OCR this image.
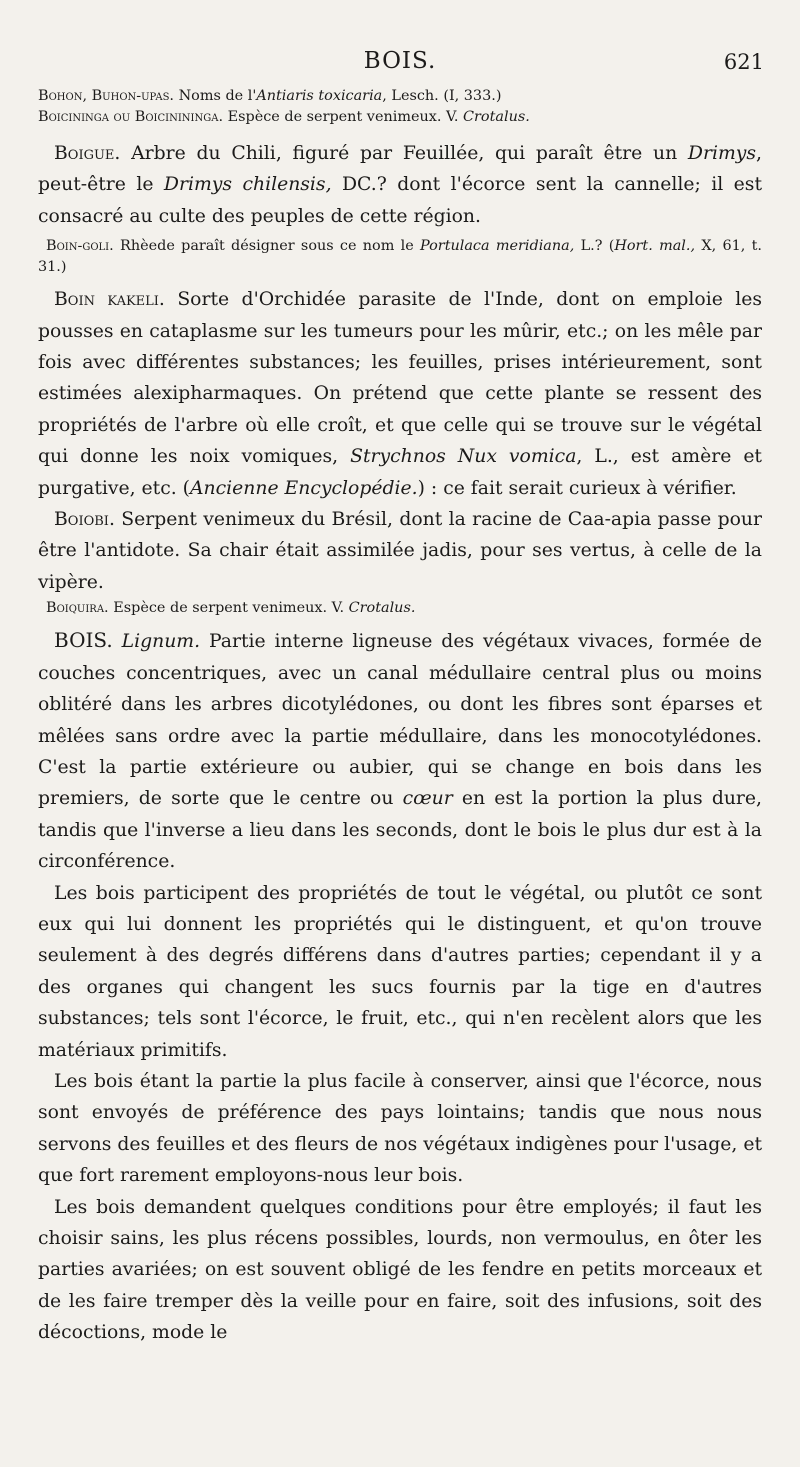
BOIS.	621

Bohon, Buhon-upas. Noms de l'Antiaris toxicaria, Lesch. (I, 333.)

Boicininga ou Boicinininga. Espèce de serpent venimeux. V. Crotalus.

Boigue. Arbre du Chili, figuré par Feuillée, qui paraît être un Drimys, peut-être le Drimys chilensis, DC.? dont l'écorce sent la cannelle; il est consacré au culte des peuples de cette région.

Boin-goli. Rhèede paraît désigner sous ce nom le Portulaca meridiana, L.? (Hort. mal., X, 61, t. 31.)

Boin kakeli. Sorte d'Orchidée parasite de l'Inde, dont on emploie les pousses en cataplasme sur les tumeurs pour les mûrir, etc.; on les mêle par fois avec différentes substances; les feuilles, prises intérieurement, sont estimées alexipharmaques. On prétend que cette plante se ressent des propriétés de l'arbre où elle croît, et que celle qui se trouve sur le végétal qui donne les noix vomiques, Strychnos Nux vomica, L., est amère et purgative, etc. (Ancienne Encyclopédie.) : ce fait serait curieux à vérifier.

Boiobi. Serpent venimeux du Brésil, dont la racine de Caa-apia passe pour être l'antidote. Sa chair était assimilée jadis, pour ses vertus, à celle de la vipère.

Boiquira. Espèce de serpent venimeux. V. Crotalus.

BOIS. Lignum. Partie interne ligneuse des végétaux vivaces, formée de couches concentriques, avec un canal médullaire central plus ou moins oblitéré dans les arbres dicotylédones, ou dont les fibres sont éparses et mêlées sans ordre avec la partie médullaire, dans les monocotylédones. C'est la partie extérieure ou aubier, qui se change en bois dans les premiers, de sorte que le centre ou cœur en est la portion la plus dure, tandis que l'inverse a lieu dans les seconds, dont le bois le plus dur est à la circonférence.

Les bois participent des propriétés de tout le végétal, ou plutôt ce sont eux qui lui donnent les propriétés qui le distinguent, et qu'on trouve seulement à des degrés différens dans d'autres parties; cependant il y a des organes qui changent les sucs fournis par la tige en d'autres substances; tels sont l'écorce, le fruit, etc., qui n'en recèlent alors que les matériaux primitifs.

Les bois étant la partie la plus facile à conserver, ainsi que l'écorce, nous sont envoyés de préférence des pays lointains; tandis que nous nous servons des feuilles et des fleurs de nos végétaux indigènes pour l'usage, et que fort rarement employons-nous leur bois.

Les bois demandent quelques conditions pour être employés; il faut les choisir sains, les plus récens possibles, lourds, non vermoulus, en ôter les parties avariées; on est souvent obligé de les fendre en petits morceaux et de les faire tremper dès la veille pour en faire, soit des infusions, soit des décoctions, mode le
